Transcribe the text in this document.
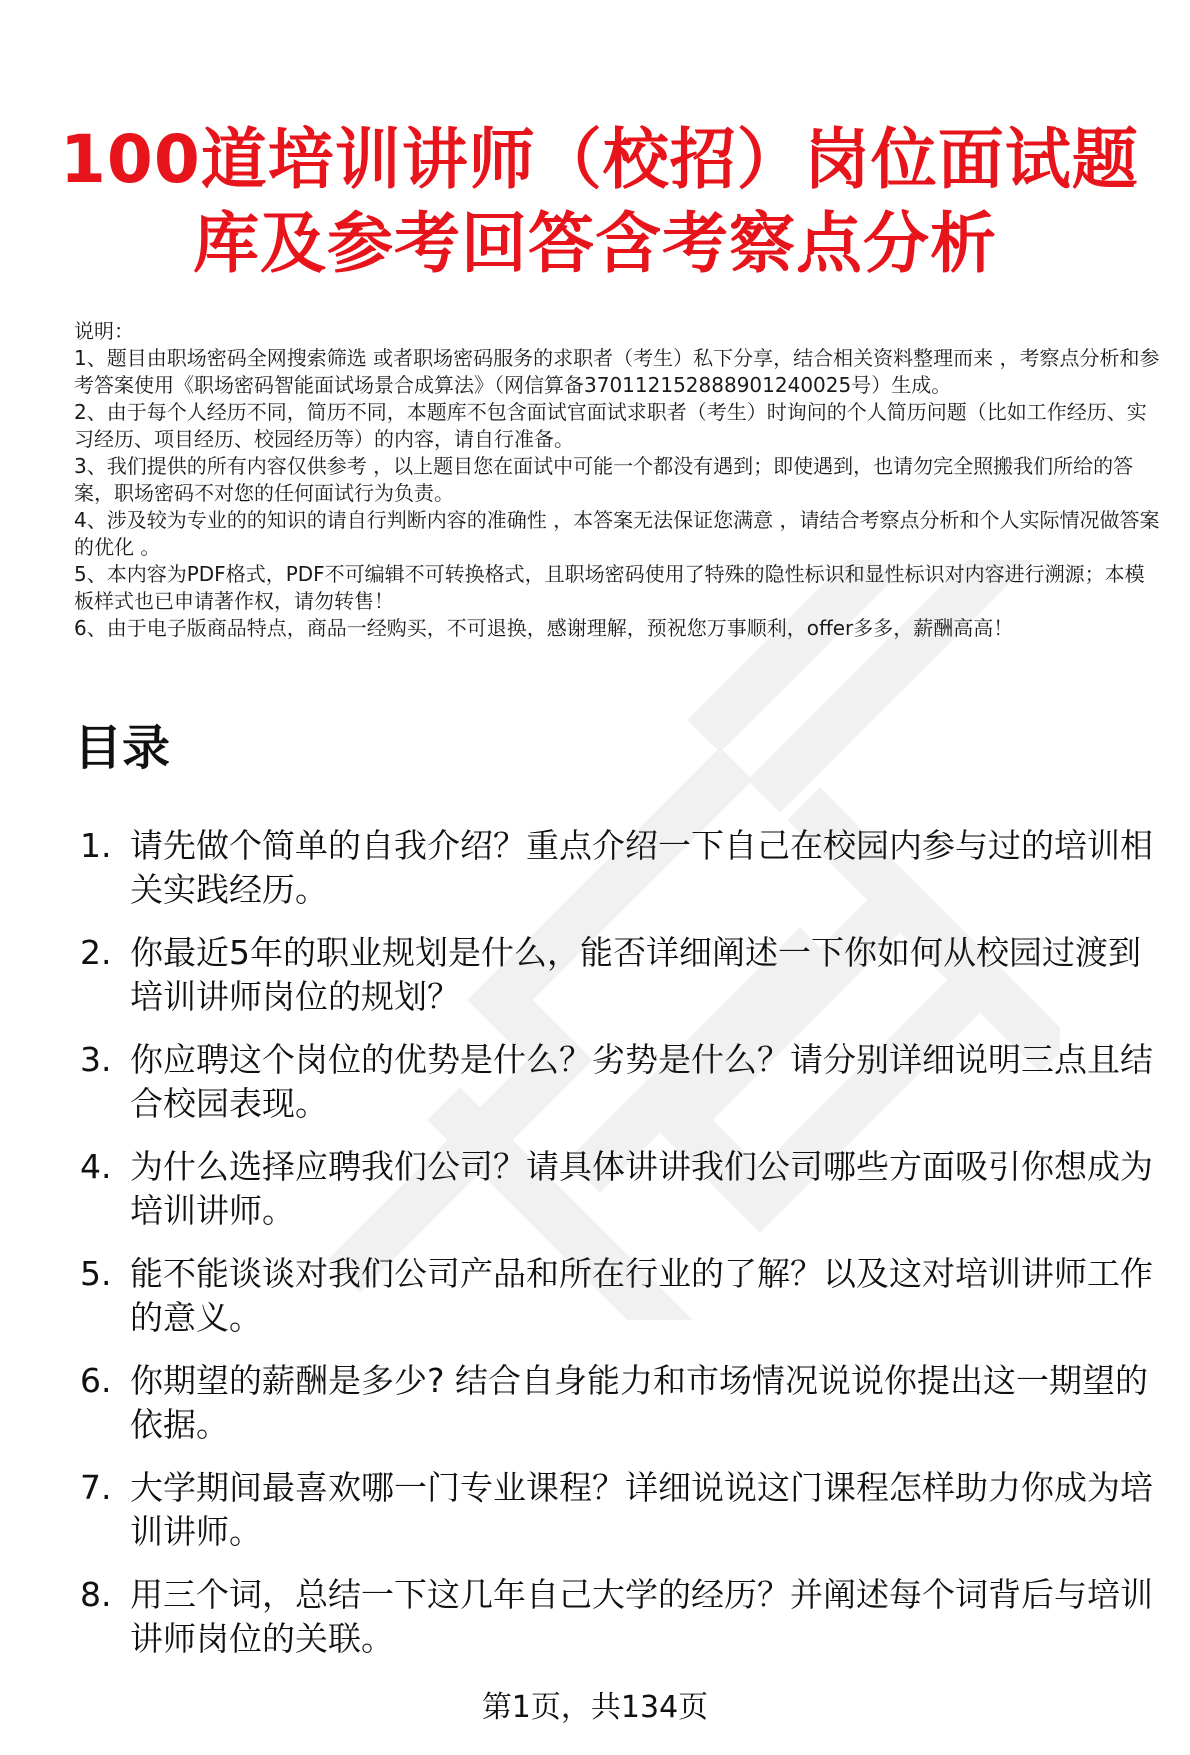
100道培训讲师（校招）岗位面试题
库及参考回答含考察点分析

说明：

1、题目由职场密码全网搜索筛选 或者职场密码服务的求职者（考生）私下分享，结合相关资料整理而来 ，考察点分析和参考答案使用《职场密码智能面试场景合成算法》（网信算备370112152888901240025号）生成。

2、由于每个人经历不同，简历不同，本题库不包含面试官面试求职者（考生）时询问的个人简历问题（比如工作经历、实习经历、项目经历、校园经历等）的内容，请自行准备。

3、我们提供的所有内容仅供参考 ，以上题目您在面试中可能一个都没有遇到；即使遇到，也请勿完全照搬我们所给的答案，职场密码不对您的任何面试行为负责。

4、涉及较为专业的的知识的请自行判断内容的准确性 ，本答案无法保证您满意 ，请结合考察点分析和个人实际情况做答案的优化 。

5、本内容为PDF格式，PDF不可编辑不可转换格式，且职场密码使用了特殊的隐性标识和显性标识对内容进行溯源；本模板样式也已申请著作权，请勿转售！

6、由于电子版商品特点，商品一经购买，不可退换，感谢理解，预祝您万事顺利，offer多多，薪酬高高！

目录
1. 请先做个简单的自我介绍？重点介绍一下自己在校园内参与过的培训相关实践经历。
2. 你最近5年的职业规划是什么，能否详细阐述一下你如何从校园过渡到培训讲师岗位的规划？
3. 你应聘这个岗位的优势是什么？劣势是什么？请分别详细说明三点且结合校园表现。
4. 为什么选择应聘我们公司？请具体讲讲我们公司哪些方面吸引你想成为培训讲师。
5. 能不能谈谈对我们公司产品和所在行业的了解？以及这对培训讲师工作的意义。
6. 你期望的薪酬是多少? 结合自身能力和市场情况说说你提出这一期望的依据。
7. 大学期间最喜欢哪一门专业课程？详细说说这门课程怎样助力你成为培训讲师。
8. 用三个词，总结一下这几年自己大学的经历？并阐述每个词背后与培训讲师岗位的关联。
第1页，共134页
